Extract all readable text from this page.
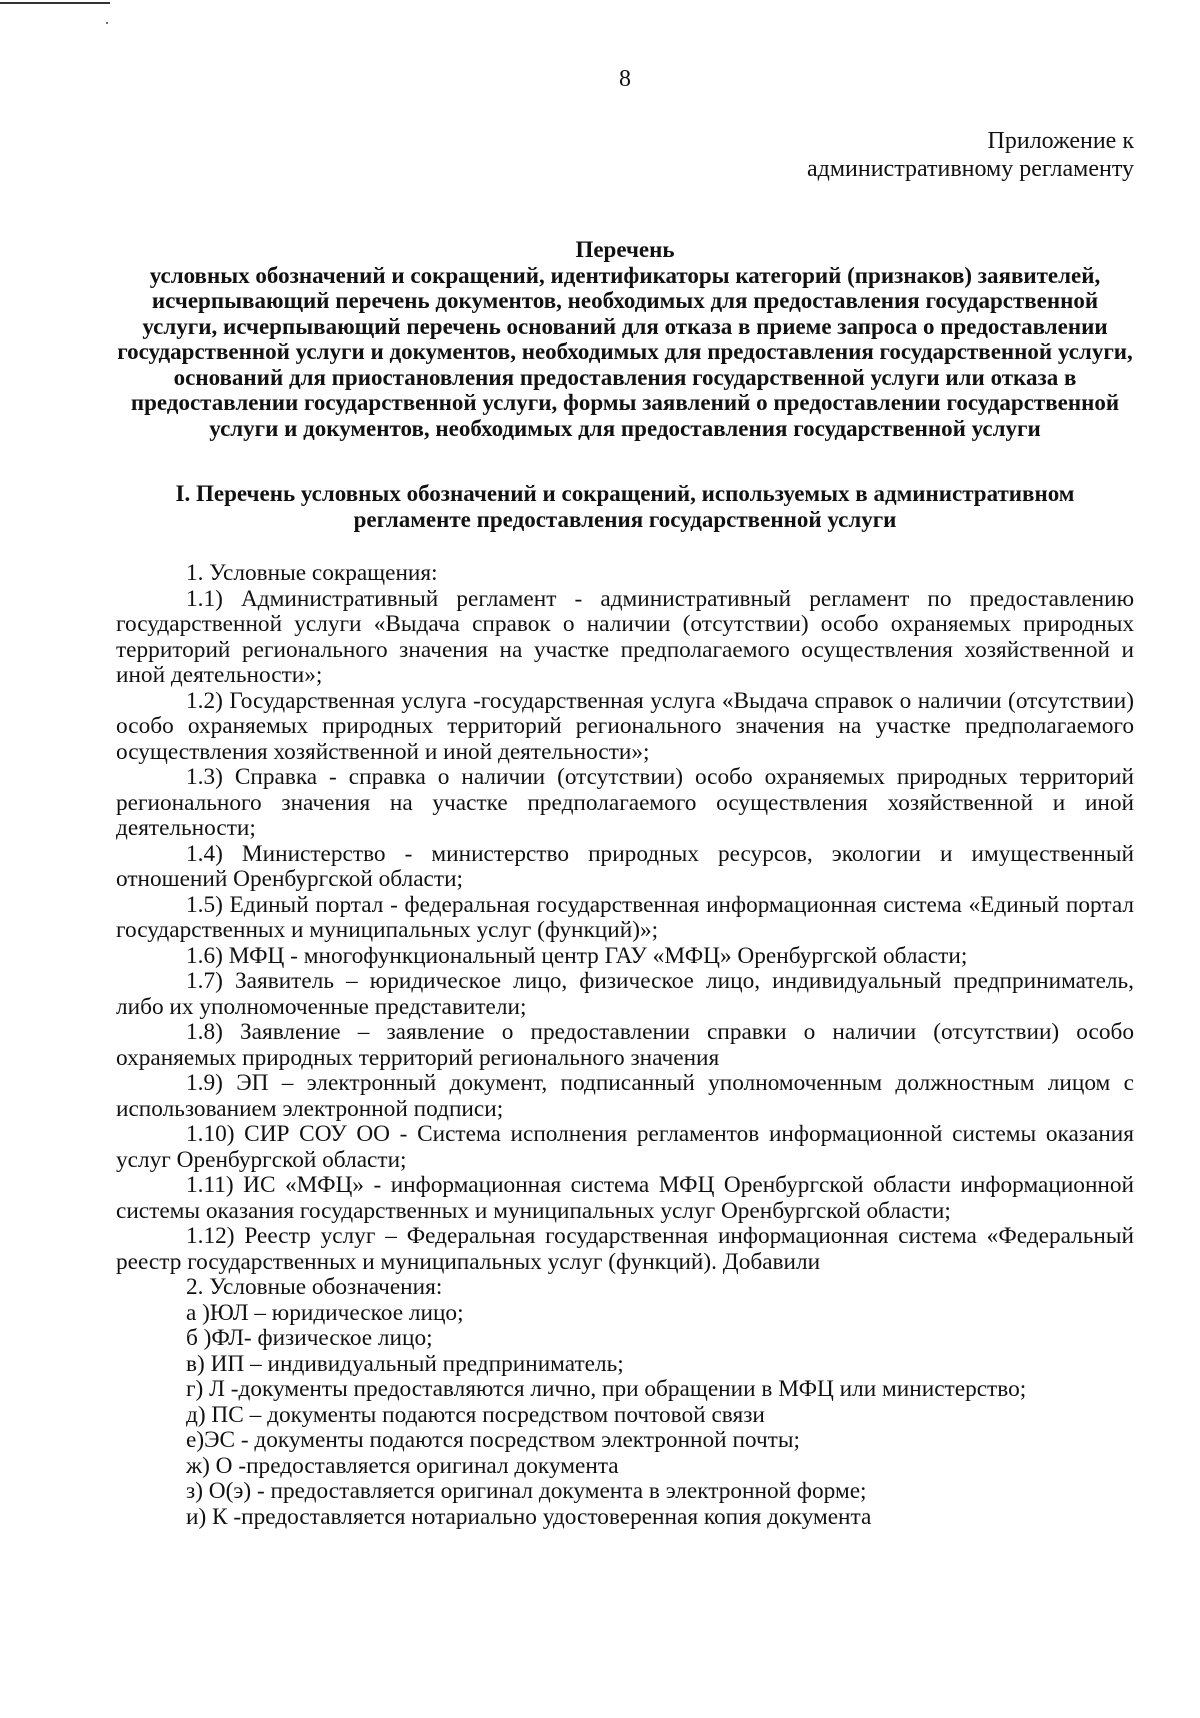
8
Приложение к
административному регламенту
Перечень
условных обозначений и сокращений, идентификаторы категорий (признаков) заявителей, исчерпывающий перечень документов, необходимых для предоставления государственной услуги, исчерпывающий перечень оснований для отказа в приеме запроса о предоставлении государственной услуги и документов, необходимых для предоставления государственной услуги, оснований для приостановления предоставления государственной услуги или отказа в предоставлении государственной услуги, формы заявлений о предоставлении государственной услуги и документов, необходимых для предоставления государственной услуги
I. Перечень условных обозначений и сокращений, используемых в административном регламенте предоставления государственной услуги

1. Условные сокращения:

1.1) Административный регламент - административный регламент по предоставлению государственной услуги «Выдача справок о наличии (отсутствии) особо охраняемых природных территорий регионального значения на участке предполагаемого осуществления хозяйственной и иной деятельности»;

1.2) Государственная услуга -государственная услуга «Выдача справок о наличии (отсутствии) особо охраняемых природных территорий регионального значения на участке предполагаемого осуществления хозяйственной и иной деятельности»;

1.3) Справка - справка о наличии (отсутствии) особо охраняемых природных территорий регионального значения на участке предполагаемого осуществления хозяйственной и иной деятельности;

1.4) Министерство - министерство природных ресурсов, экологии и имущественный отношений Оренбургской области;

1.5) Единый портал - федеральная государственная информационная система «Единый портал государственных и муниципальных услуг (функций)»;

1.6) МФЦ - многофункциональный центр ГАУ «МФЦ» Оренбургской области;

1.7) Заявитель – юридическое лицо, физическое лицо, индивидуальный предприниматель, либо их уполномоченные представители;

1.8) Заявление – заявление о предоставлении справки о наличии (отсутствии) особо охраняемых природных территорий регионального значения

1.9) ЭП – электронный документ, подписанный уполномоченным должностным лицом с использованием электронной подписи;

1.10) СИР СОУ ОО - Система исполнения регламентов информационной системы оказания услуг Оренбургской области;

1.11) ИС «МФЦ» - информационная система МФЦ Оренбургской области информационной системы оказания государственных и муниципальных услуг Оренбургской области;

1.12) Реестр услуг – Федеральная государственная информационная система «Федеральный реестр государственных и муниципальных услуг (функций). Добавили

2. Условные обозначения:

а )ЮЛ – юридическое лицо;

б )ФЛ- физическое лицо;

в) ИП – индивидуальный предприниматель;

г) Л -документы предоставляются лично, при обращении в МФЦ или министерство;

д) ПС – документы подаются посредством почтовой связи

е)ЭС - документы подаются посредством электронной почты;

ж) О -предоставляется оригинал документа

з) О(э) - предоставляется оригинал документа в электронной форме;

и) К -предоставляется нотариально удостоверенная копия документа
